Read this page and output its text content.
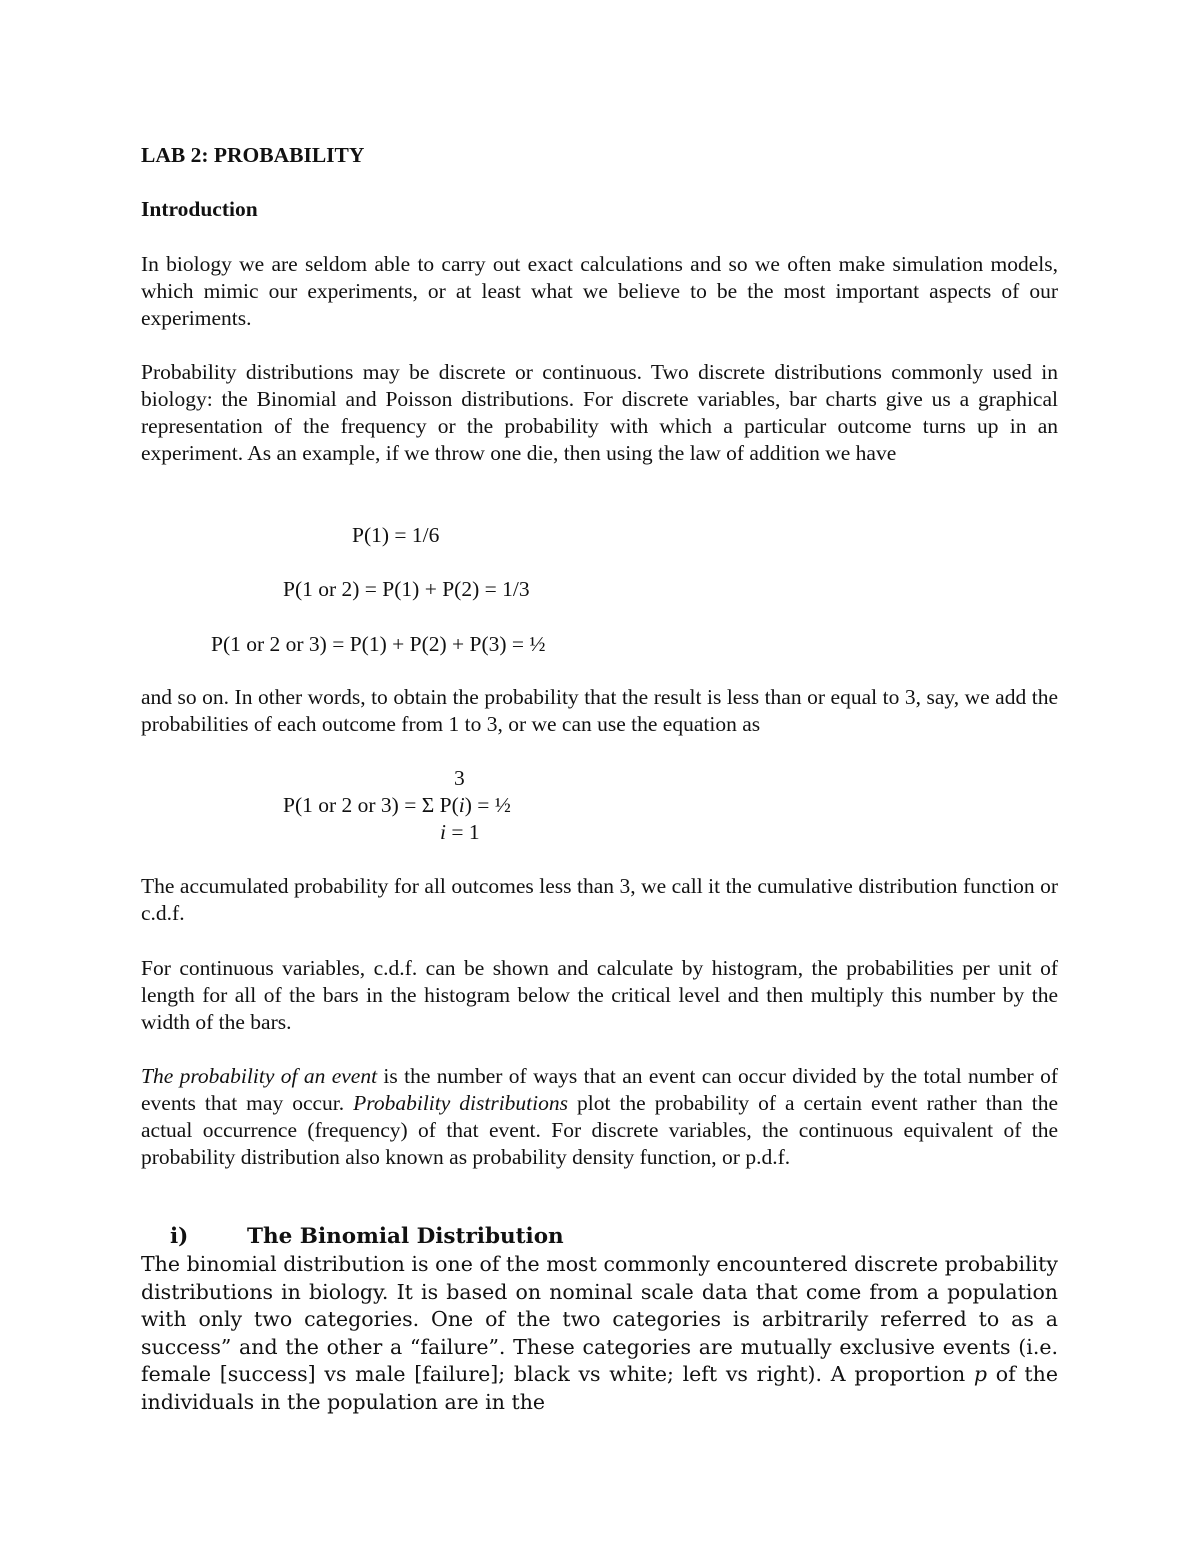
LAB 2: PROBABILITY
Introduction

In biology we are seldom able to carry out exact calculations and so we often make simulation models, which mimic our experiments, or at least what we believe to be the most important aspects of our experiments.

Probability distributions may be discrete or continuous. Two discrete distributions commonly used in biology: the Binomial and Poisson distributions. For discrete variables, bar charts give us a graphical representation of the frequency or the probability with which a particular outcome turns up in an experiment. As an example, if we throw one die, then using the law of addition we have

P(1) = 1/6
P(1 or 2) = P(1) + P(2) = 1/3
P(1 or 2 or 3) = P(1) + P(2) + P(3) = ½

and so on. In other words, to obtain the probability that the result is less than or equal to 3, say, we add the probabilities of each outcome from 1 to 3, or we can use the equation as

3
P(1 or 2 or 3) = Σ P(i) = ½
i = 1

The accumulated probability for all outcomes less than 3, we call it the cumulative distribution function or c.d.f.

For continuous variables, c.d.f. can be shown and calculate by histogram, the probabilities per unit of length for all of the bars in the histogram below the critical level and then multiply this number by the width of the bars.

The probability of an event is the number of ways that an event can occur divided by the total number of events that may occur. Probability distributions plot the probability of a certain event rather than the actual occurrence (frequency) of that event. For discrete variables, the continuous equivalent of the probability distribution also known as probability density function, or p.d.f.

i)	The Binomial Distribution

The binomial distribution is one of the most commonly encountered discrete probability distributions in biology. It is based on nominal scale data that come from a population with only two categories. One of the two categories is arbitrarily referred to as a success” and the other a “failure”. These categories are mutually exclusive events (i.e. female [success] vs male [failure]; black vs white; left vs right). A proportion p of the individuals in the population are in the
